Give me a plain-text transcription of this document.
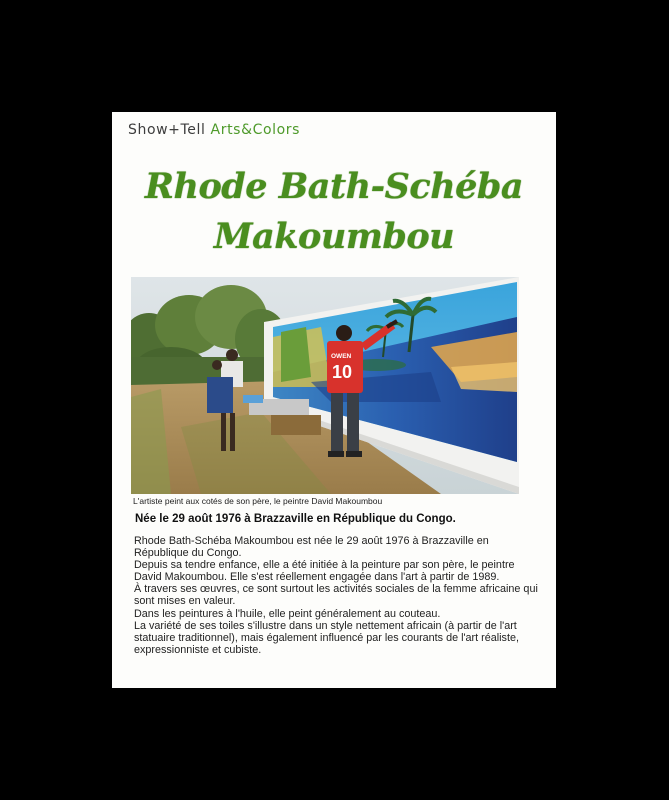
Show+Tell Arts&Colors
Rhode Bath-Schéba
Makoumbou
OWEN
10
L'artiste peint aux cotés de son père, le peintre David Makoumbou
Née le 29 août 1976 à Brazzaville en République du Congo.

Rhode Bath-Schéba Makoumbou est née le 29 août 1976 à Brazzaville en République du Congo.

Depuis sa tendre enfance, elle a été initiée à la peinture par son père, le peintre David Makoumbou. Elle s'est réellement engagée dans l'art à partir de 1989.

À travers ses œuvres, ce sont surtout les activités sociales de la femme africaine qui sont mises en valeur.

Dans les peintures à l'huile, elle peint généralement au couteau.

La variété de ses toiles s'illustre dans un style nettement africain (à partir de l'art statuaire traditionnel), mais également influencé par les courants de l'art réaliste, expressionniste et cubiste.
